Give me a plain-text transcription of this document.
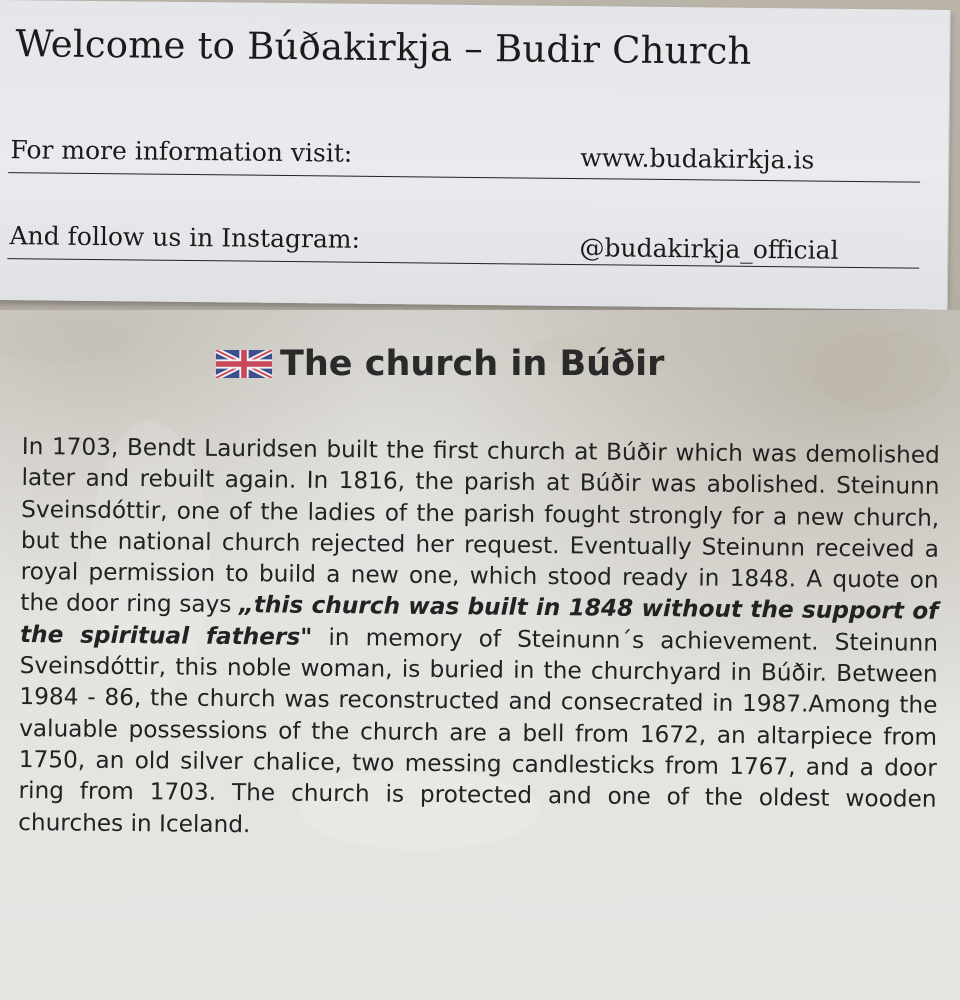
Welcome to Búðakirkja – Budir Church
For more information visit:	www.budakirkja.is
And follow us in Instagram:	@budakirkja_official
The church in Búðir

In 1703, Bendt Lauridsen built the first church at Búðir which was demolished later and rebuilt again. In 1816, the parish at Búðir was abolished. Steinunn Sveinsdóttir, one of the ladies of the parish fought strongly for a new church, but the national church rejected her request. Eventually Steinunn received a royal permission to build a new one, which stood ready in 1848. A quote on the door ring says „this church was built in 1848 without the support of the spiritual fathers" in memory of Steinunn´s achievement. Steinunn Sveinsdóttir, this noble woman, is buried in the churchyard in Búðir. Between 1984 - 86, the church was reconstructed and consecrated in 1987.Among the valuable possessions of the church are a bell from 1672, an altarpiece from 1750, an old silver chalice, two messing candlesticks from 1767, and a door ring from 1703. The church is protected and one of the oldest wooden churches in Iceland.
